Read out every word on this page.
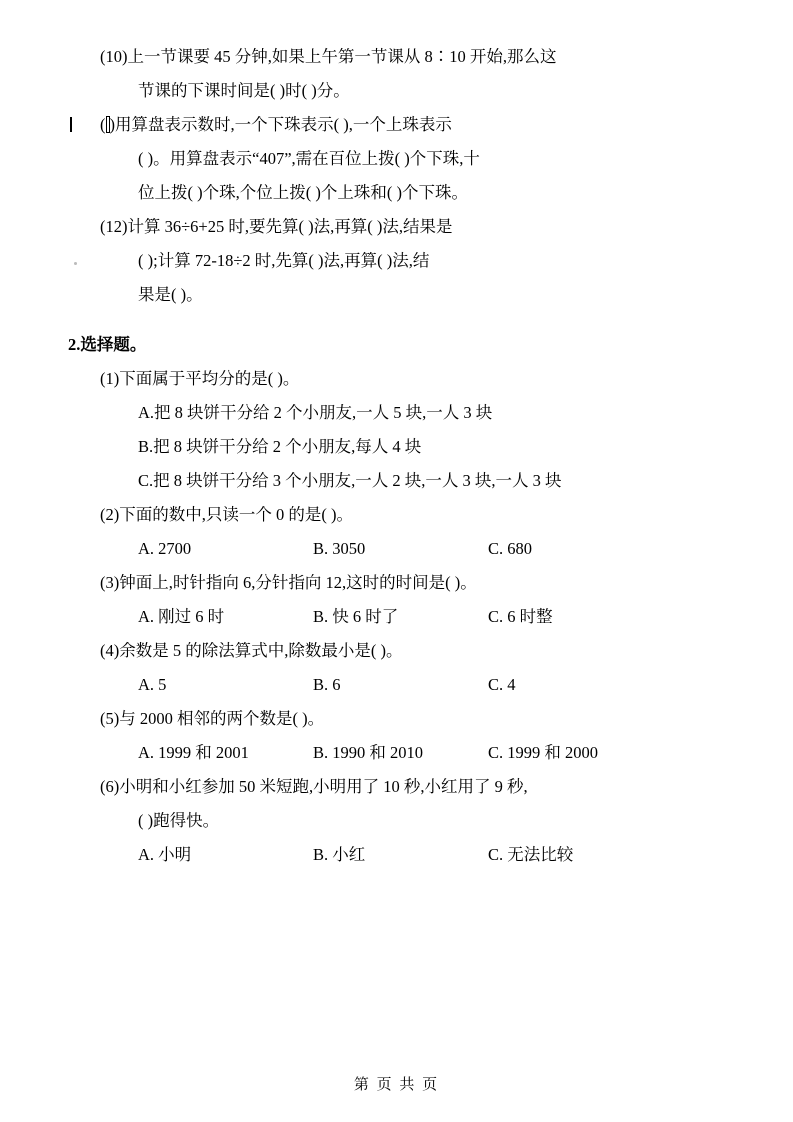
(10)上一节课要 45 分钟,如果上午第一节课从 8∶10 开始,那么这
节课的下课时间是( )时( )分。
(11	)用算盘表示数时,一个下珠表示( ),一个上珠表示
( )。用算盘表示“407”,需在百位上拨( )个下珠,十
位上拨( )个珠,个位上拨( )个上珠和( )个下珠。
(12)计算 36÷6+25 时,要先算( )法,再算( )法,结果是
( );计算 72-18÷2 时,先算( )法,再算( )法,结
果是( )。
2.选择题。
(1)下面属于平均分的是( )。
A.把 8 块饼干分给 2 个小朋友,一人 5 块,一人 3 块
B.把 8 块饼干分给 2 个小朋友,每人 4 块
C.把 8 块饼干分给 3 个小朋友,一人 2 块,一人 3 块,一人 3 块
(2)下面的数中,只读一个 0 的是( )。
A. 2700	B. 3050	C. 680
(3)钟面上,时针指向 6,分针指向 12,这时的时间是( )。
A. 刚过 6 时	B. 快 6 时了	C. 6 时整
(4)余数是 5 的除法算式中,除数最小是( )。
A. 5	B. 6	C. 4
(5)与 2000 相邻的两个数是( )。
A. 1999 和 2001	B. 1990 和 2010	C. 1999 和 2000
(6)小明和小红参加 50 米短跑,小明用了 10 秒,小红用了 9 秒,
( )跑得快。
A. 小明	B. 小红	C. 无法比较
第 页 共 页
